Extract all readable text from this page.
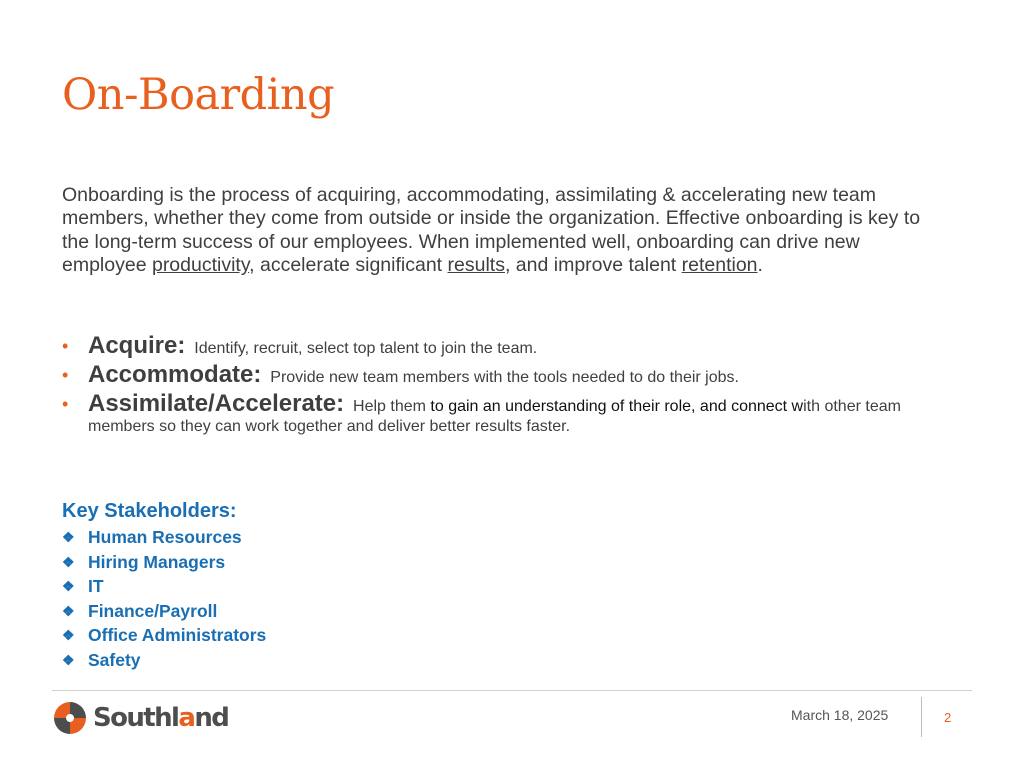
On-Boarding
Onboarding is the process of acquiring, accommodating, assimilating & accelerating new team members, whether they come from outside or inside the organization. Effective onboarding is key to the long-term success of our employees. When implemented well, onboarding can drive new employee productivity, accelerate significant results, and improve talent retention.
• Acquire: Identify, recruit, select top talent to join the team.
• Accommodate: Provide new team members with the tools needed to do their jobs.
• Assimilate/Accelerate: Help them to gain an understanding of their role, and connect with other team members so they can work together and deliver better results faster.
Key Stakeholders:
❖ Human Resources
❖ Hiring Managers
❖ IT
❖ Finance/Payroll
❖ Office Administrators
❖ Safety
Southland	March 18, 2025	2
